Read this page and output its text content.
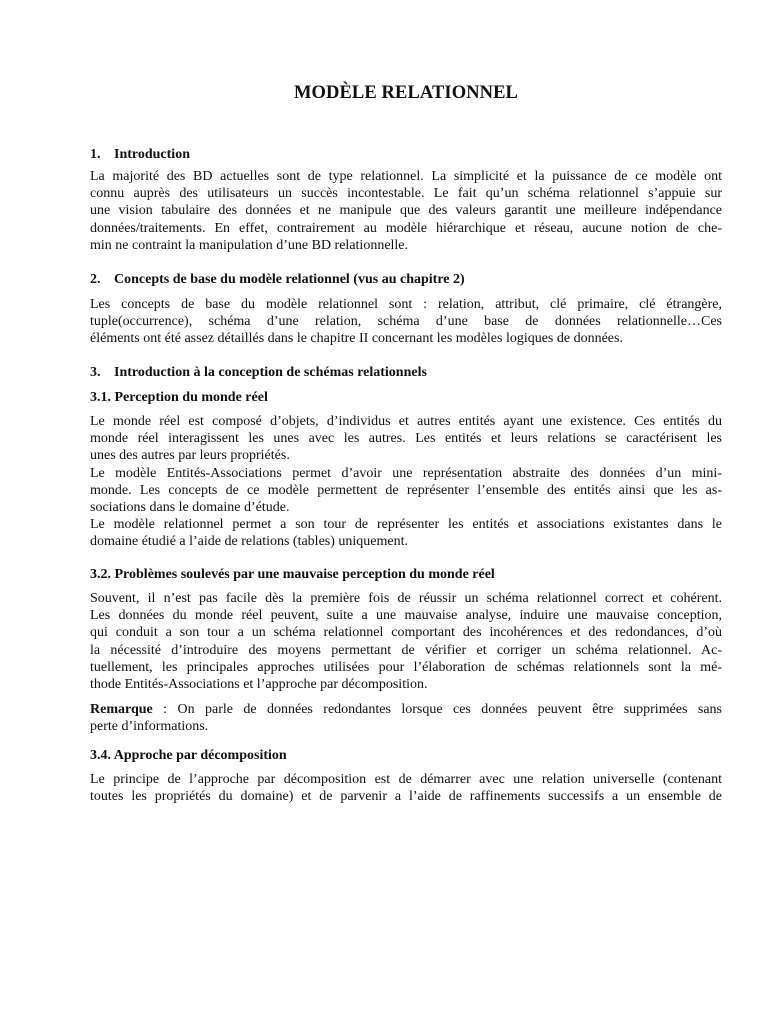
MODÈLE RELATIONNEL
1. Introduction

La majorité des BD actuelles sont de type relationnel. La simplicité et la puissance de ce modèle ont
connu auprès des utilisateurs un succès incontestable. Le fait qu’un schéma relationnel s’appuie sur
une vision tabulaire des données et ne manipule que des valeurs garantit une meilleure indépendance
données/traitements. En effet, contrairement au modèle hiérarchique et réseau, aucune notion de che-
min ne contraint la manipulation d’une BD relationnelle.

2. Concepts de base du modèle relationnel (vus au chapitre 2)

Les concepts de base du modèle relationnel sont : relation, attribut, clé primaire, clé étrangère,
tuple(occurrence), schéma d’une relation, schéma d’une base de données relationnelle…Ces
éléments ont été assez détaillés dans le chapitre II concernant les modèles logiques de données.

3. Introduction à la conception de schémas relationnels
3.1. Perception du monde réel

Le monde réel est composé d’objets, d’individus et autres entités ayant une existence. Ces entités du
monde réel interagissent les unes avec les autres. Les entités et leurs relations se caractérisent les
unes des autres par leurs propriétés.
Le modèle Entités-Associations permet d’avoir une représentation abstraite des données d’un mini-
monde. Les concepts de ce modèle permettent de représenter l’ensemble des entités ainsi que les as-
sociations dans le domaine d’étude.
Le modèle relationnel permet a son tour de représenter les entités et associations existantes dans le
domaine étudié a l’aide de relations (tables) uniquement.

3.2. Problèmes soulevés par une mauvaise perception du monde réel

Souvent, il n’est pas facile dès la première fois de réussir un schéma relationnel correct et cohérent.
Les données du monde réel peuvent, suite a une mauvaise analyse, induire une mauvaise conception,
qui conduit a son tour a un schéma relationnel comportant des incohérences et des redondances, d’où
la nécessité d’introduire des moyens permettant de vérifier et corriger un schéma relationnel. Ac-
tuellement, les principales approches utilisées pour l’élaboration de schémas relationnels sont la mé-
thode Entités-Associations et l’approche par décomposition.

Remarque : On parle de données redondantes lorsque ces données peuvent être supprimées sans
perte d’informations.

3.4. Approche par décomposition

Le principe de l’approche par décomposition est de démarrer avec une relation universelle (contenant
toutes les propriétés du domaine) et de parvenir a l’aide de raffinements successifs a un ensemble de
